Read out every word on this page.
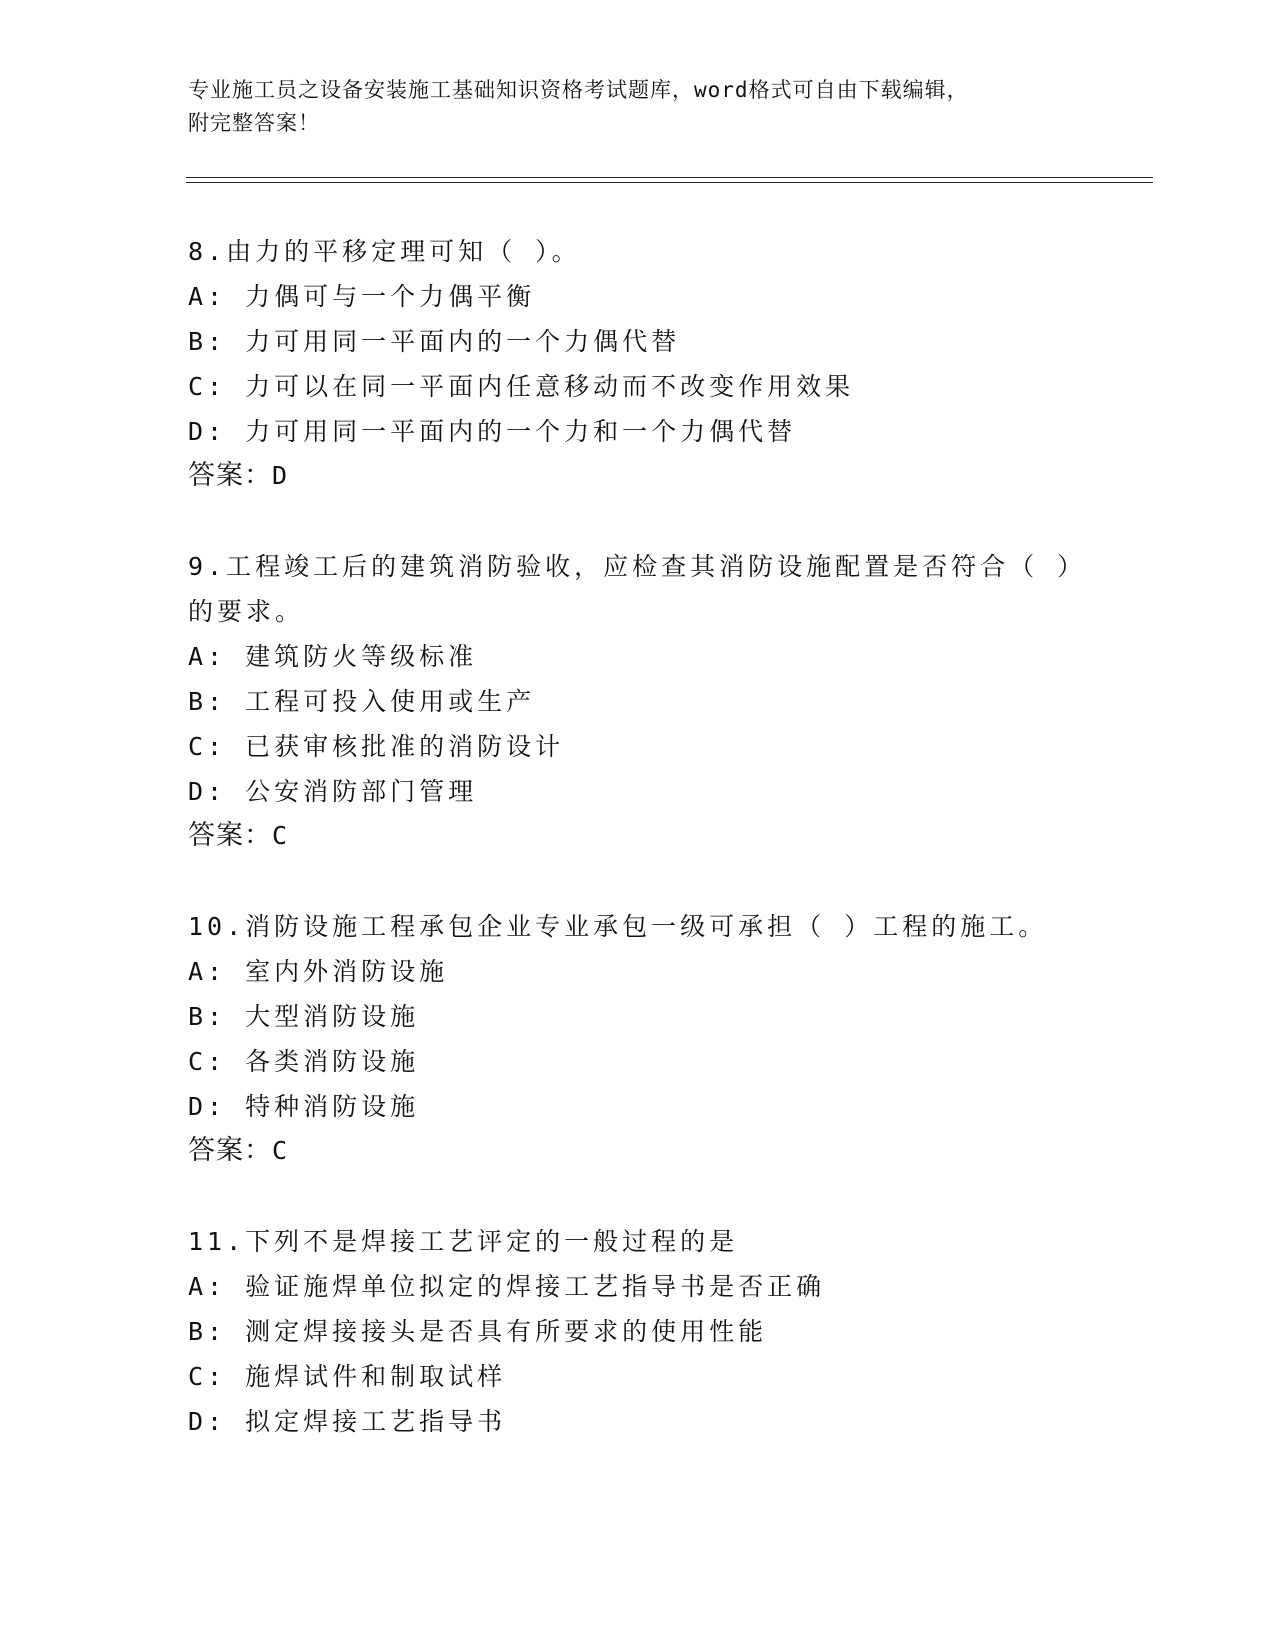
专业施工员之设备安装施工基础知识资格考试题库，word格式可自由下载编辑，
附完整答案！
8.由力的平移定理可知（ ）。
A: 力偶可与一个力偶平衡
B: 力可用同一平面内的一个力偶代替
C: 力可以在同一平面内任意移动而不改变作用效果
D: 力可用同一平面内的一个力和一个力偶代替
答案：D
9.工程竣工后的建筑消防验收，应检查其消防设施配置是否符合（ ）
的要求。
A: 建筑防火等级标准
B: 工程可投入使用或生产
C: 已获审核批准的消防设计
D: 公安消防部门管理
答案：C
10.消防设施工程承包企业专业承包一级可承担（ ）工程的施工。
A: 室内外消防设施
B: 大型消防设施
C: 各类消防设施
D: 特种消防设施
答案：C
11.下列不是焊接工艺评定的一般过程的是
A: 验证施焊单位拟定的焊接工艺指导书是否正确
B: 测定焊接接头是否具有所要求的使用性能
C: 施焊试件和制取试样
D: 拟定焊接工艺指导书
